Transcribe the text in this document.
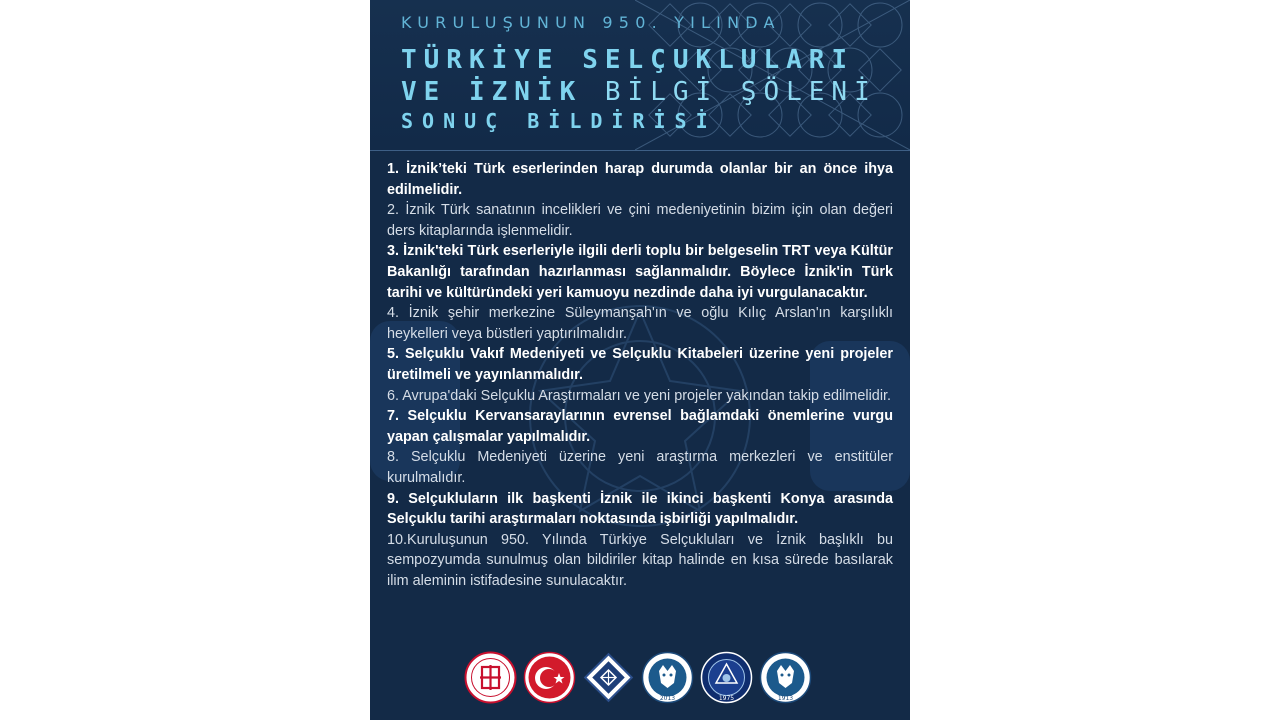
KURULUŞUNUN 950. YILINDA
TÜRKİYE SELÇUKLULARI
VE İZNİK BİLGİ ŞÖLENİ
SONUÇ BİLDİRİSİ

1. İznik’teki Türk eserlerinden harap durumda olanlar bir an önce ihya edilmelidir.

2. İznik Türk sanatının incelikleri ve çini medeniyetinin bizim için olan değeri ders kitaplarında işlenmelidir.

3. İznik'teki Türk eserleriyle ilgili derli toplu bir belgeselin TRT veya Kültür Bakanlığı tarafından hazırlanması sağlanmalıdır. Böylece İznik'in Türk tarihi ve kültüründeki yeri kamuoyu nezdinde daha iyi vurgulanacaktır.

4. İznik şehir merkezine Süleymanşah'ın ve oğlu Kılıç Arslan'ın karşılıklı heykelleri veya büstleri yaptırılmalıdır.

5. Selçuklu Vakıf Medeniyeti ve Selçuklu Kitabeleri üzerine yeni projeler üretilmeli ve yayınlanmalıdır.

6. Avrupa'daki Selçuklu Araştırmaları ve yeni projeler yakından takip edilmelidir.

7. Selçuklu Kervansaraylarının evrensel bağlamdaki önemlerine vurgu yapan çalışmalar yapılmalıdır.

8. Selçuklu Medeniyeti üzerine yeni araştırma merkezleri ve enstitüler kurulmalıdır.

9. Selçukluların ilk başkenti İznik ile ikinci başkenti Konya arasında Selçuklu tarihi araştırmaları noktasında işbirliği yapılmalıdır.

10.Kuruluşunun 950. Yılında Türkiye Selçukluları ve İznik başlıklı bu sempozyumda sunulmuş olan bildiriler kitap halinde en kısa sürede basılarak ilim aleminin istifadesine sunulacaktır.

2013	1975	1913
